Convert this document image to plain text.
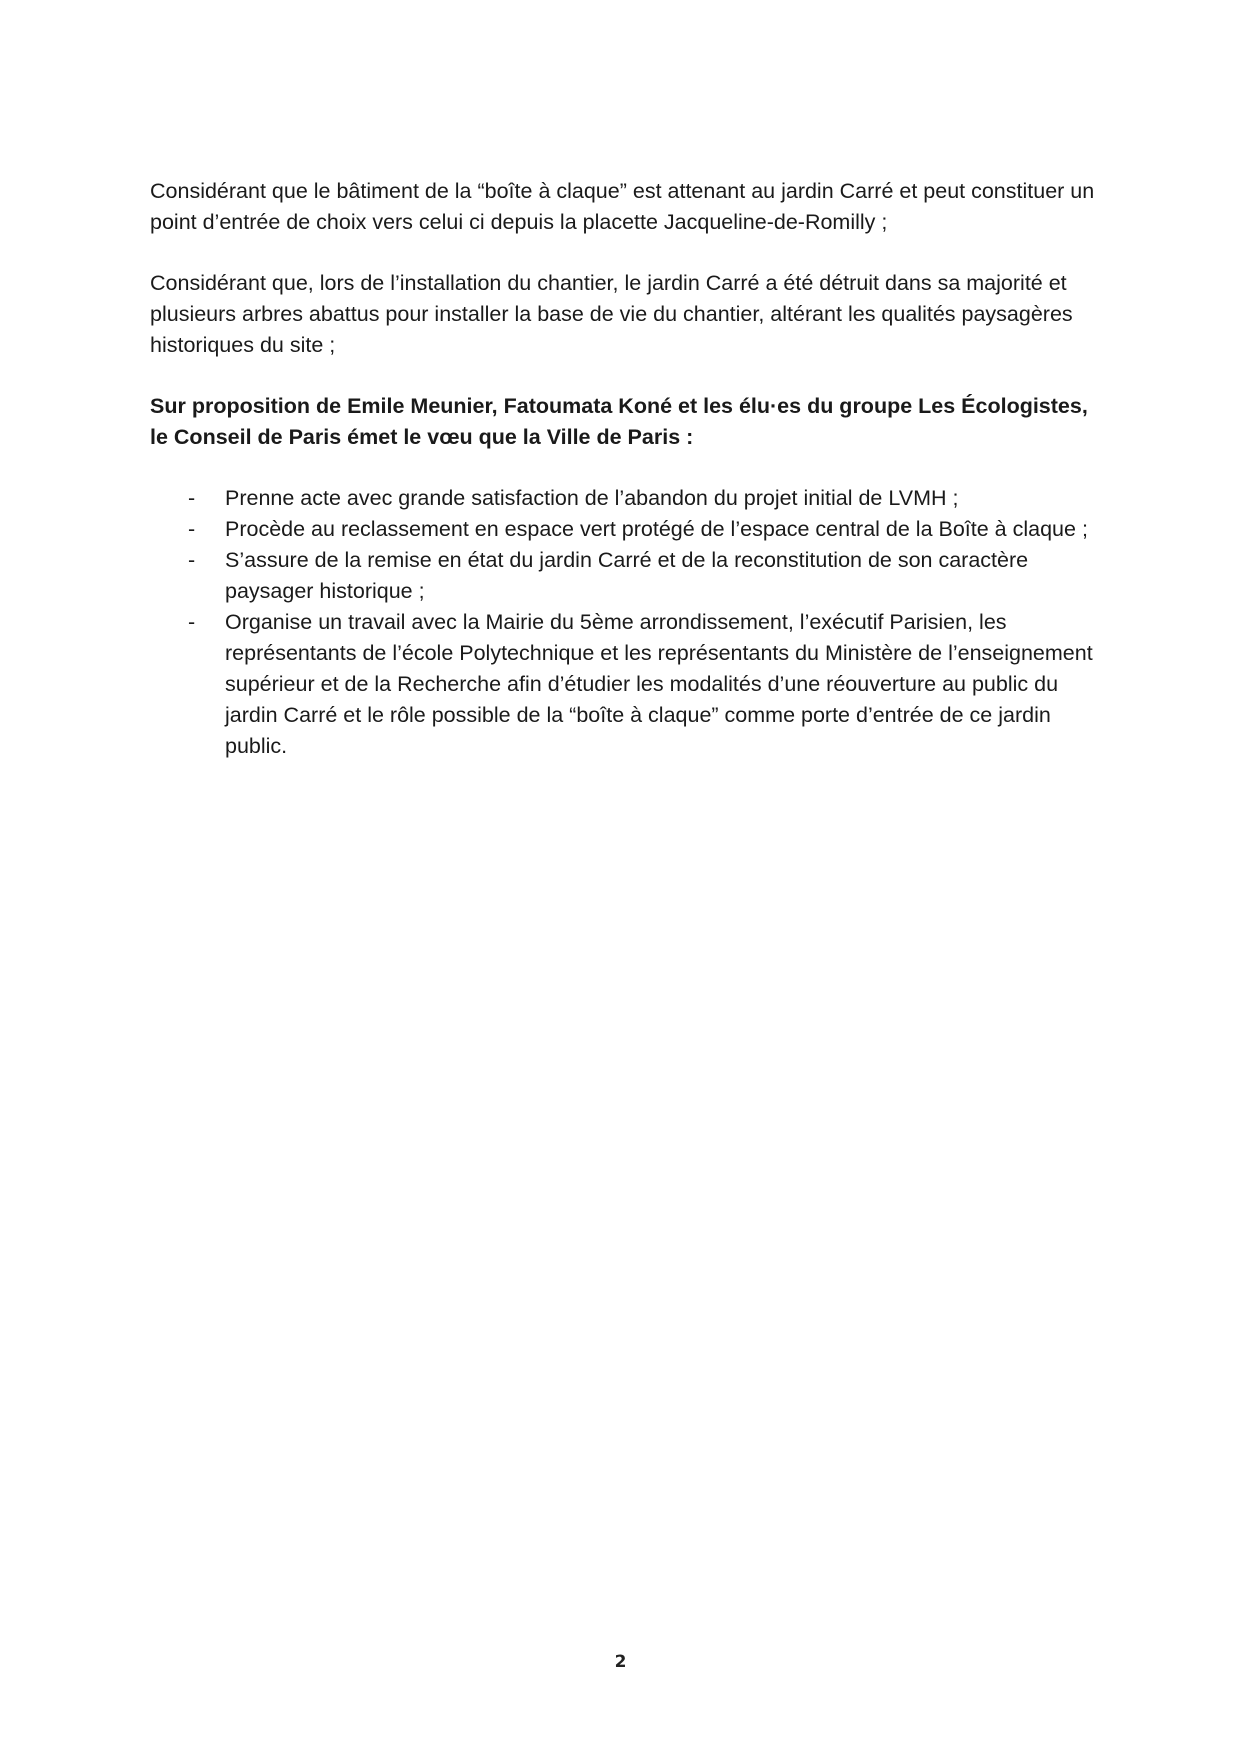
Considérant que le bâtiment de la “boîte à claque” est attenant au jardin Carré et peut constituer un point d’entrée de choix vers celui ci depuis la placette Jacqueline-de-Romilly ;

Considérant que, lors de l’installation du chantier, le jardin Carré a été détruit dans sa majorité et plusieurs arbres abattus pour installer la base de vie du chantier, altérant les qualités paysagères historiques du site ;

Sur proposition de Emile Meunier, Fatoumata Koné et les élu·es du groupe Les Écologistes, le Conseil de Paris émet le vœu que la Ville de Paris :

- Prenne acte avec grande satisfaction de l’abandon du projet initial de LVMH ;
- Procède au reclassement en espace vert protégé de l’espace central de la Boîte à claque ;
- S’assure de la remise en état du jardin Carré et de la reconstitution de son caractère paysager historique ;
- Organise un travail avec la Mairie du 5ème arrondissement, l’exécutif Parisien, les représentants de l’école Polytechnique et les représentants du Ministère de l’enseignement supérieur et de la Recherche afin d’étudier les modalités d’une réouverture au public du jardin Carré et le rôle possible de la “boîte à claque” comme porte d’entrée de ce jardin public.
2
